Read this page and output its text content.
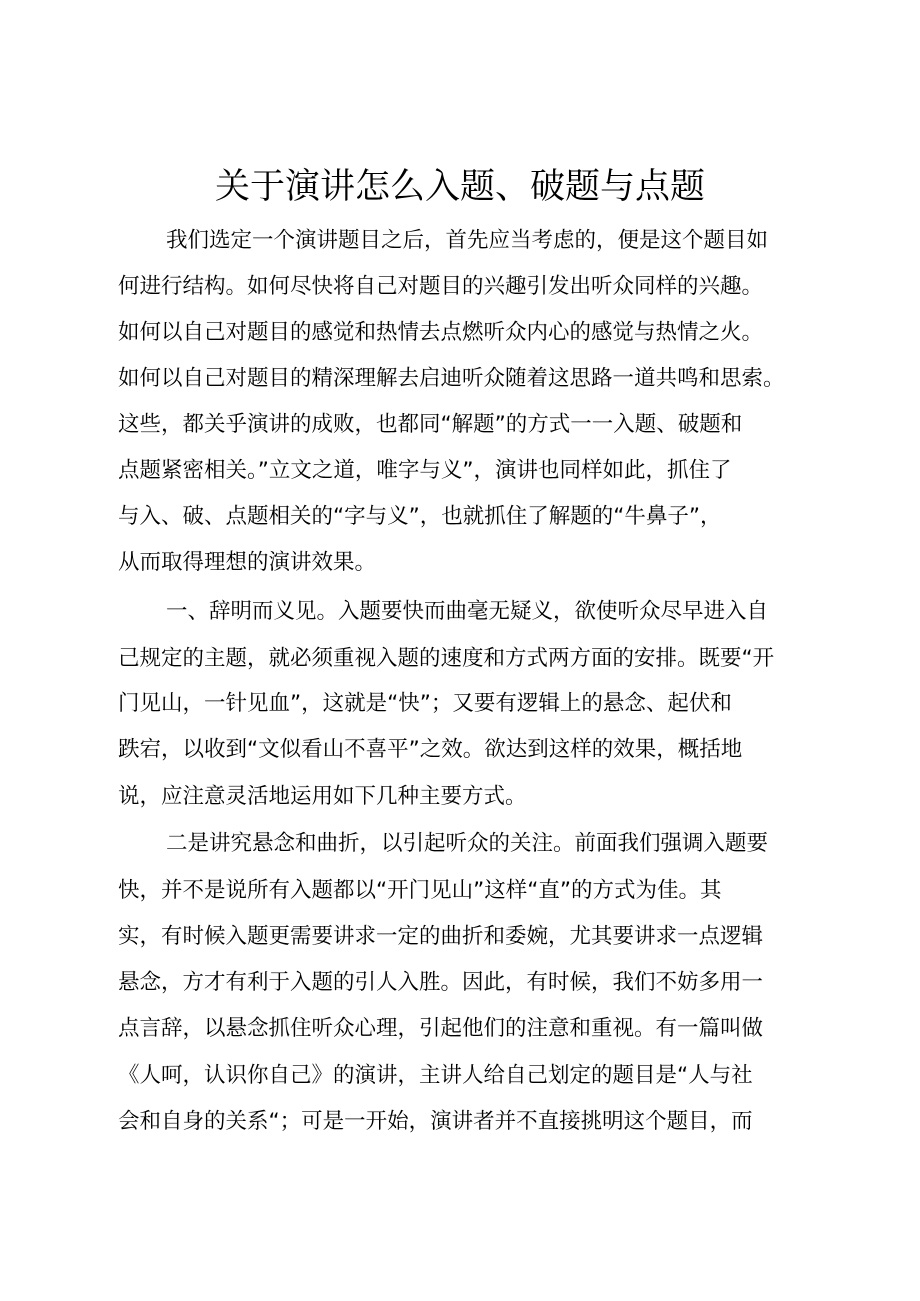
关于演讲怎么入题、破题与点题
我们选定一个演讲题目之后，首先应当考虑的，便是这个题目如
何进行结构。如何尽快将自己对题目的兴趣引发出听众同样的兴趣。
如何以自己对题目的感觉和热情去点燃听众内心的感觉与热情之火。
如何以自己对题目的精深理解去启迪听众随着这思路一道共鸣和思索。
这些，都关乎演讲的成败，也都同“解题”的方式一一入题、破题和
点题紧密相关。”立文之道，唯字与义”，演讲也同样如此，抓住了
与入、破、点题相关的“字与义”，也就抓住了解题的“牛鼻子”，
从而取得理想的演讲效果。
一、辞明而义见。入题要快而曲毫无疑义，欲使听众尽早进入自
己规定的主题，就必须重视入题的速度和方式两方面的安排。既要“开
门见山，一针见血”，这就是“快”；又要有逻辑上的悬念、起伏和
跌宕，以收到“文似看山不喜平”之效。欲达到这样的效果，概括地
说，应注意灵活地运用如下几种主要方式。
二是讲究悬念和曲折，以引起听众的关注。前面我们强调入题要
快，并不是说所有入题都以“开门见山”这样“直”的方式为佳。其
实，有时候入题更需要讲求一定的曲折和委婉，尤其要讲求一点逻辑
悬念，方才有利于入题的引人入胜。因此，有时候，我们不妨多用一
点言辞，以悬念抓住听众心理，引起他们的注意和重视。有一篇叫做
《人呵，认识你自己》的演讲，主讲人给自己划定的题目是“人与社
会和自身的关系“；可是一开始，演讲者并不直接挑明这个题目，而
